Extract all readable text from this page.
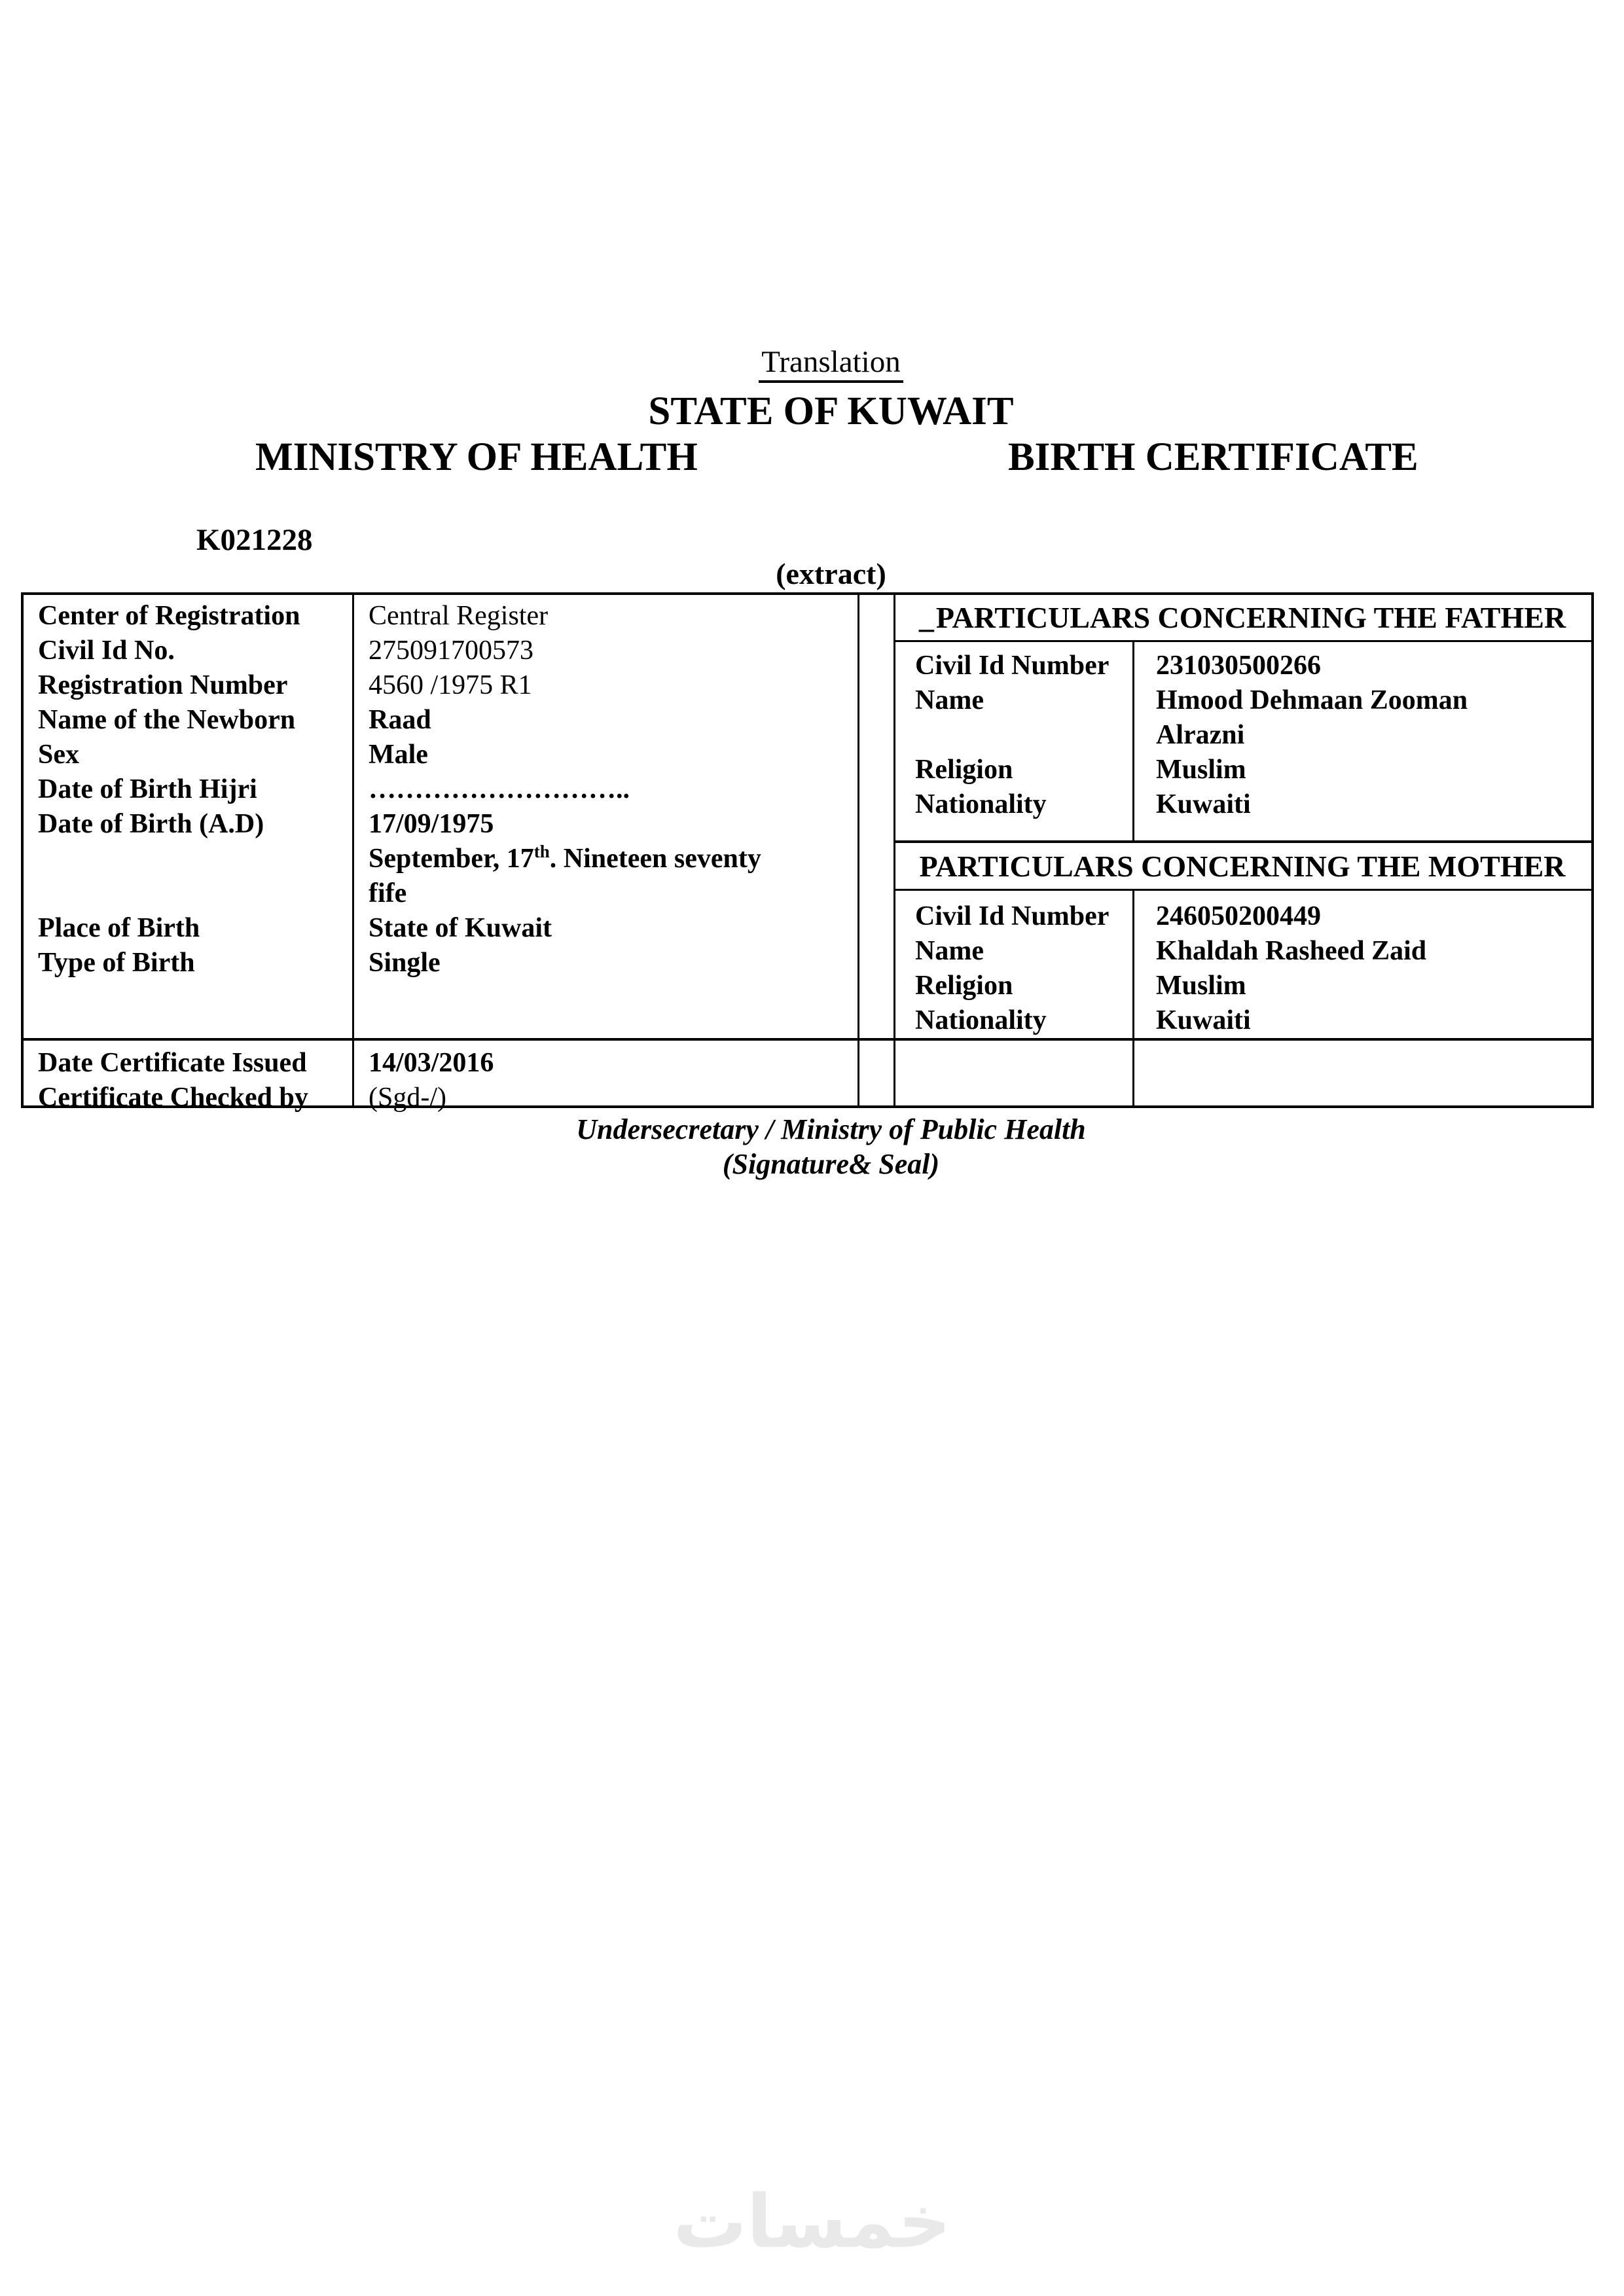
Translation
STATE OF KUWAIT
MINISTRY OF HEALTH	BIRTH CERTIFICATE
K021228
(extract)
Center of Registration	Central Register
Civil Id No.	275091700573
Registration Number	4560 /1975 R1
Name of the Newborn	Raad
Sex	Male
Date of Birth Hijri	………………………..
Date of Birth (A.D)	17/09/1975
September, 17th. Nineteen seventy
fife
Place of Birth	State of Kuwait
Type of Birth	Single
Date Certificate Issued	14/03/2016
Certificate Checked by	(Sgd-/)
_ PARTICULARS CONCERNING THE FATHER
Civil Id Number	231030500266
Name	Hmood Dehmaan Zooman
Alrazni
Religion	Muslim
Nationality	Kuwaiti
PARTICULARS CONCERNING THE MOTHER
Civil Id Number	246050200449
Name	Khaldah Rasheed Zaid
Religion	Muslim
Nationality	Kuwaiti
Undersecretary / Ministry of Public Health
(Signature& Seal)
خمسات
